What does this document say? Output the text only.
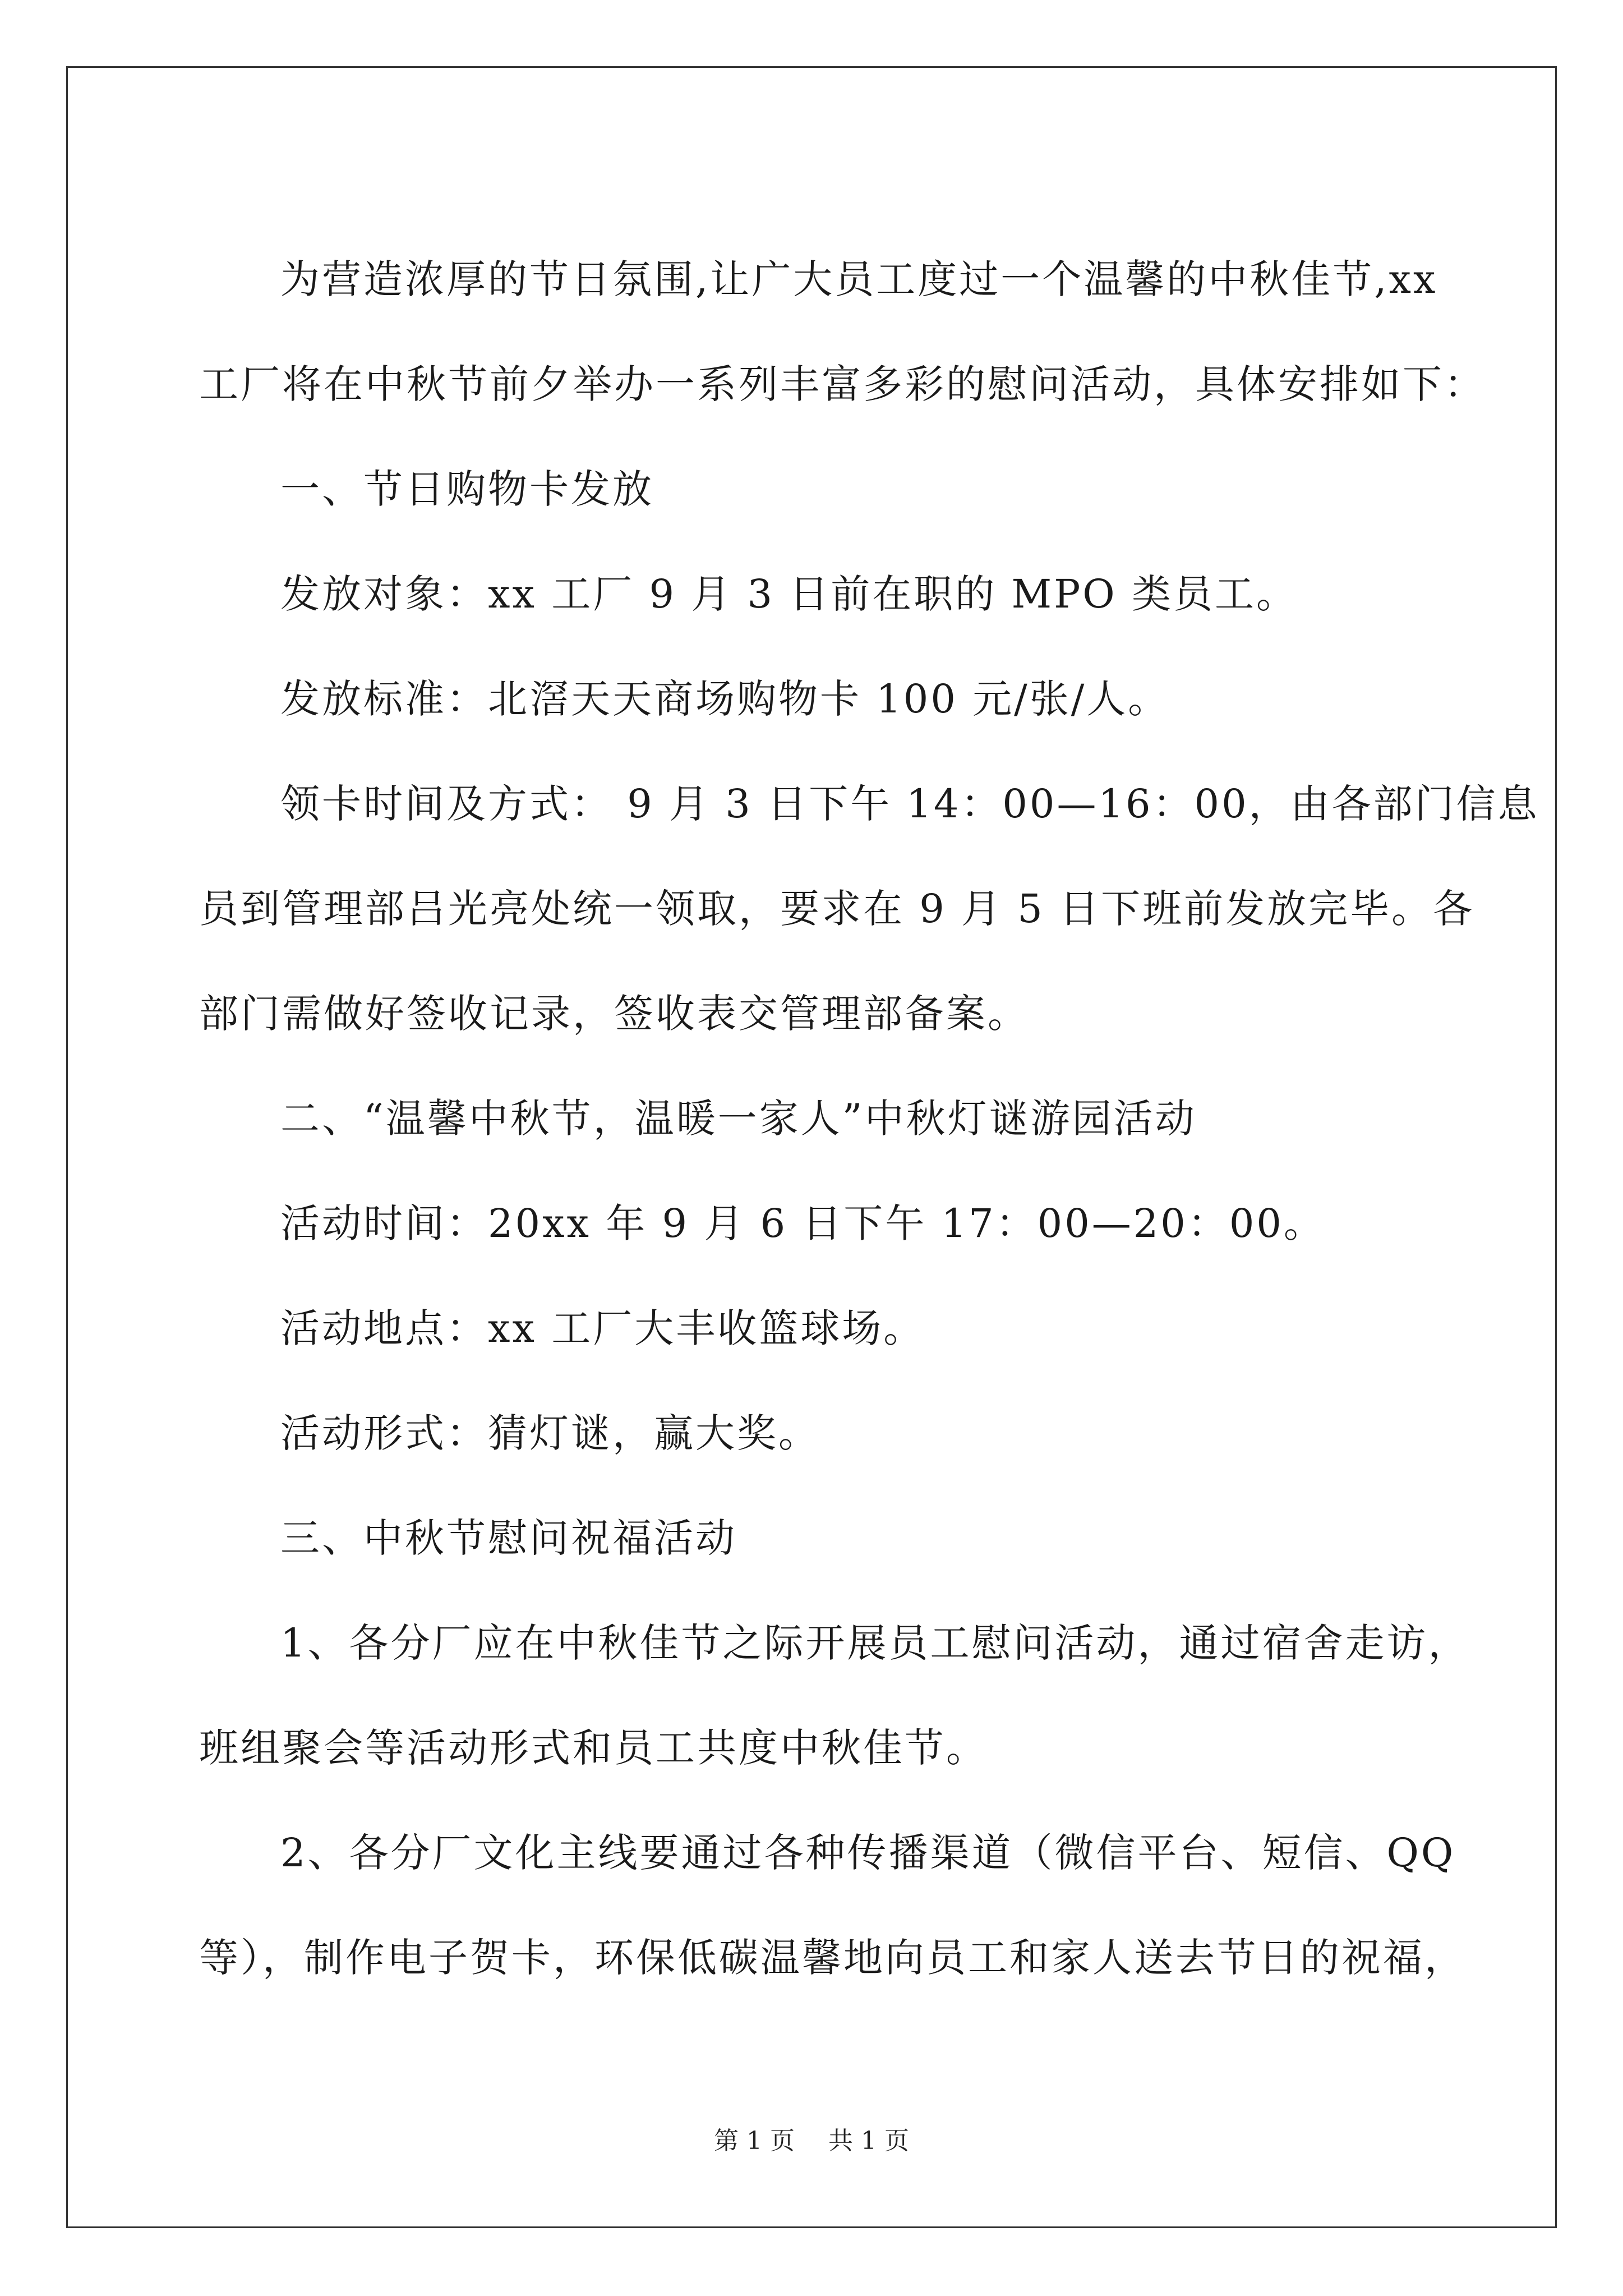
为营造浓厚的节日氛围,让广大员工度过一个温馨的中秋佳节,xx
工厂将在中秋节前夕举办一系列丰富多彩的慰问活动，具体安排如下：
一、节日购物卡发放
发放对象：xx 工厂 9 月 3 日前在职的 MPO 类员工。
发放标准：北滘天天商场购物卡 100 元/张/人。
领卡时间及方式： 9 月 3 日下午 14：00—16：00，由各部门信息
员到管理部吕光亮处统一领取，要求在 9 月 5 日下班前发放完毕。各
部门需做好签收记录，签收表交管理部备案。
二、“温馨中秋节，温暖一家人”中秋灯谜游园活动
活动时间：20xx 年 9 月 6 日下午 17：00—20：00。
活动地点：xx 工厂大丰收篮球场。
活动形式：猜灯谜，赢大奖。
三、中秋节慰问祝福活动
1、各分厂应在中秋佳节之际开展员工慰问活动，通过宿舍走访，
班组聚会等活动形式和员工共度中秋佳节。
2、各分厂文化主线要通过各种传播渠道（微信平台、短信、QQ
等），制作电子贺卡，环保低碳温馨地向员工和家人送去节日的祝福，
第 1 页 共 1 页
